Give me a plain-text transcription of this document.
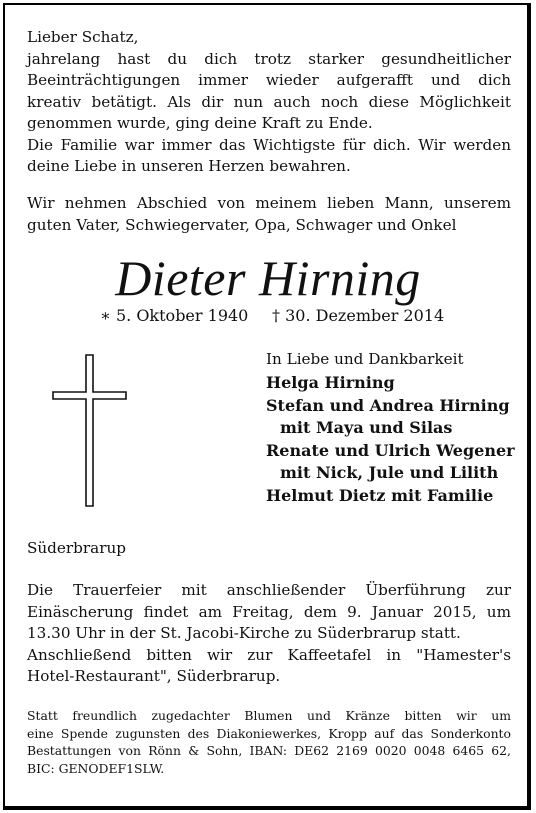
Lieber Schatz,
jahrelang hast du dich trotz starker gesundheitlicher
Beeinträchtigungen immer wieder aufgerafft und dich
kreativ betätigt. Als dir nun auch noch diese Möglichkeit
genommen wurde, ging deine Kraft zu Ende.
Die Familie war immer das Wichtigste für dich. Wir werden
deine Liebe in unseren Herzen bewahren.
Wir nehmen Abschied von meinem lieben Mann, unserem
guten Vater, Schwiegervater, Opa, Schwager und Onkel
Dieter Hirning
∗ 5. Oktober 1940 † 30. Dezember 2014
In Liebe und Dankbarkeit
Helga Hirning
Stefan und Andrea Hirning
mit Maya und Silas
Renate und Ulrich Wegener
mit Nick, Jule und Lilith
Helmut Dietz mit Familie
Süderbrarup
Die Trauerfeier mit anschließender Überführung zur
Einäscherung findet am Freitag, dem 9. Januar 2015, um
13.30 Uhr in der St. Jacobi-Kirche zu Süderbrarup statt.
Anschließend bitten wir zur Kaffeetafel in "Hamester's
Hotel-Restaurant", Süderbrarup.
Statt freundlich zugedachter Blumen und Kränze bitten wir um
eine Spende zugunsten des Diakoniewerkes, Kropp auf das Sonderkonto
Bestattungen von Rönn & Sohn, IBAN: DE62 2169 0020 0048 6465 62,
BIC: GENODEF1SLW.
